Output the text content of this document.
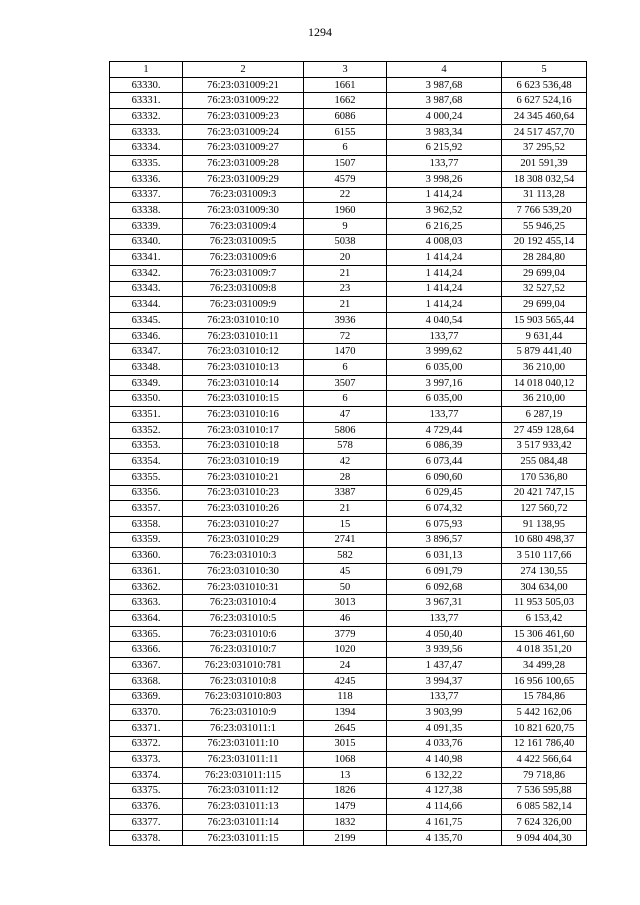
1294
1	2	3	4	5
63330.	76:23:031009:21	1661	3 987,68	6 623 536,48
63331.	76:23:031009:22	1662	3 987,68	6 627 524,16
63332.	76:23:031009:23	6086	4 000,24	24 345 460,64
63333.	76:23:031009:24	6155	3 983,34	24 517 457,70
63334.	76:23:031009:27	6	6 215,92	37 295,52
63335.	76:23:031009:28	1507	133,77	201 591,39
63336.	76:23:031009:29	4579	3 998,26	18 308 032,54
63337.	76:23:031009:3	22	1 414,24	31 113,28
63338.	76:23:031009:30	1960	3 962,52	7 766 539,20
63339.	76:23:031009:4	9	6 216,25	55 946,25
63340.	76:23:031009:5	5038	4 008,03	20 192 455,14
63341.	76:23:031009:6	20	1 414,24	28 284,80
63342.	76:23:031009:7	21	1 414,24	29 699,04
63343.	76:23:031009:8	23	1 414,24	32 527,52
63344.	76:23:031009:9	21	1 414,24	29 699,04
63345.	76:23:031010:10	3936	4 040,54	15 903 565,44
63346.	76:23:031010:11	72	133,77	9 631,44
63347.	76:23:031010:12	1470	3 999,62	5 879 441,40
63348.	76:23:031010:13	6	6 035,00	36 210,00
63349.	76:23:031010:14	3507	3 997,16	14 018 040,12
63350.	76:23:031010:15	6	6 035,00	36 210,00
63351.	76:23:031010:16	47	133,77	6 287,19
63352.	76:23:031010:17	5806	4 729,44	27 459 128,64
63353.	76:23:031010:18	578	6 086,39	3 517 933,42
63354.	76:23:031010:19	42	6 073,44	255 084,48
63355.	76:23:031010:21	28	6 090,60	170 536,80
63356.	76:23:031010:23	3387	6 029,45	20 421 747,15
63357.	76:23:031010:26	21	6 074,32	127 560,72
63358.	76:23:031010:27	15	6 075,93	91 138,95
63359.	76:23:031010:29	2741	3 896,57	10 680 498,37
63360.	76:23:031010:3	582	6 031,13	3 510 117,66
63361.	76:23:031010:30	45	6 091,79	274 130,55
63362.	76:23:031010:31	50	6 092,68	304 634,00
63363.	76:23:031010:4	3013	3 967,31	11 953 505,03
63364.	76:23:031010:5	46	133,77	6 153,42
63365.	76:23:031010:6	3779	4 050,40	15 306 461,60
63366.	76:23:031010:7	1020	3 939,56	4 018 351,20
63367.	76:23:031010:781	24	1 437,47	34 499,28
63368.	76:23:031010:8	4245	3 994,37	16 956 100,65
63369.	76:23:031010:803	118	133,77	15 784,86
63370.	76:23:031010:9	1394	3 903,99	5 442 162,06
63371.	76:23:031011:1	2645	4 091,35	10 821 620,75
63372.	76:23:031011:10	3015	4 033,76	12 161 786,40
63373.	76:23:031011:11	1068	4 140,98	4 422 566,64
63374.	76:23:031011:115	13	6 132,22	79 718,86
63375.	76:23:031011:12	1826	4 127,38	7 536 595,88
63376.	76:23:031011:13	1479	4 114,66	6 085 582,14
63377.	76:23:031011:14	1832	4 161,75	7 624 326,00
63378.	76:23:031011:15	2199	4 135,70	9 094 404,30
